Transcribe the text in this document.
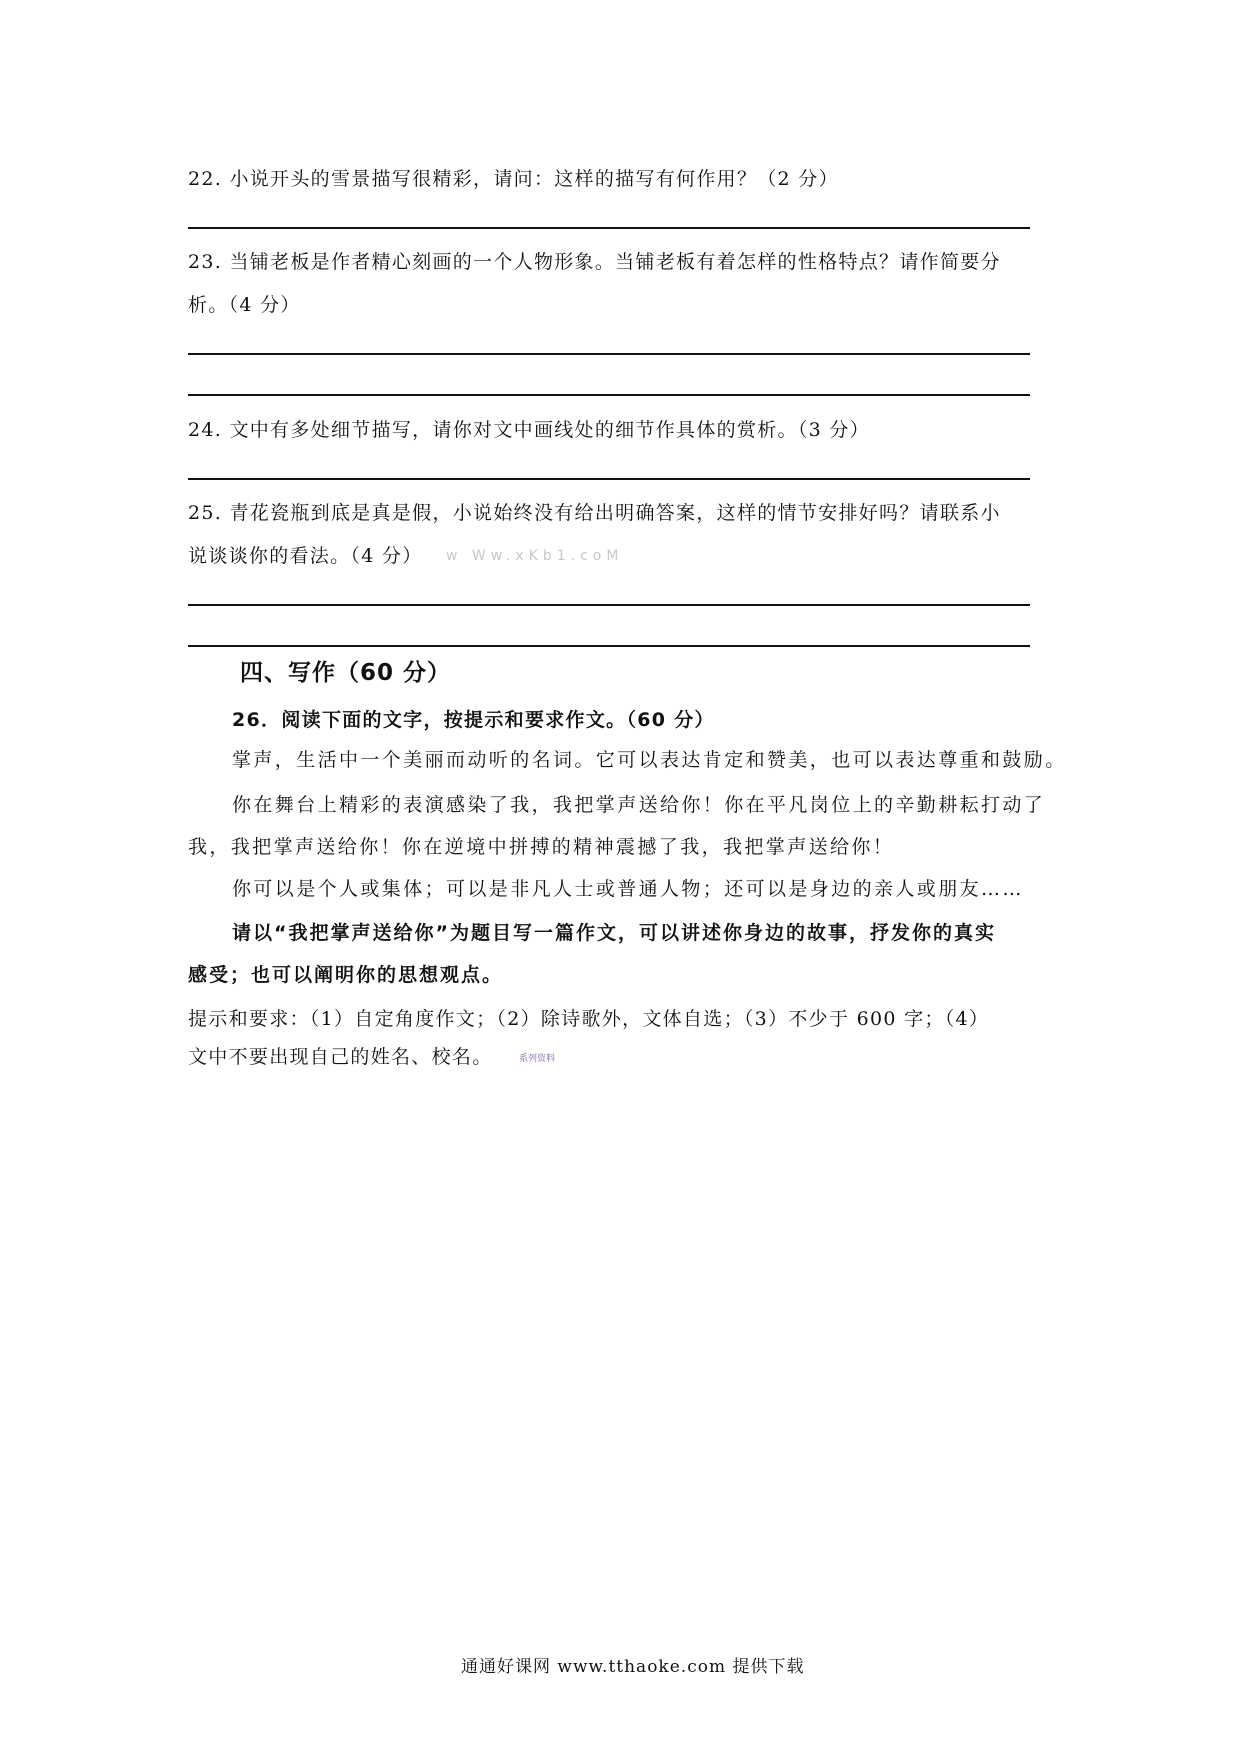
22. 小说开头的雪景描写很精彩，请问：这样的描写有何作用？（2 分）
23. 当铺老板是作者精心刻画的一个人物形象。当铺老板有着怎样的性格特点？请作简要分
析。（4 分）
24. 文中有多处细节描写，请你对文中画线处的细节作具体的赏析。（3 分）
25. 青花瓷瓶到底是真是假，小说始终没有给出明确答案，这样的情节安排好吗？请联系小
说谈谈你的看法。（4 分） w Ww.xKb1.coM
四、写作（60 分）
26．阅读下面的文字，按提示和要求作文。（60 分）
掌声，生活中一个美丽而动听的名词。它可以表达肯定和赞美，也可以表达尊重和鼓励。
你在舞台上精彩的表演感染了我，我把掌声送给你！你在平凡岗位上的辛勤耕耘打动了
我，我把掌声送给你！你在逆境中拼搏的精神震撼了我，我把掌声送给你！
你可以是个人或集体；可以是非凡人士或普通人物；还可以是身边的亲人或朋友……
请以“我把掌声送给你”为题目写一篇作文，可以讲述你身边的故事，抒发你的真实
感受；也可以阐明你的思想观点。
提示和要求：（1）自定角度作文；（2）除诗歌外，文体自选；（3）不少于 600 字；（4）
文中不要出现自己的姓名、校名。	系列资料
通通好课网 www.tthaoke.com 提供下载
